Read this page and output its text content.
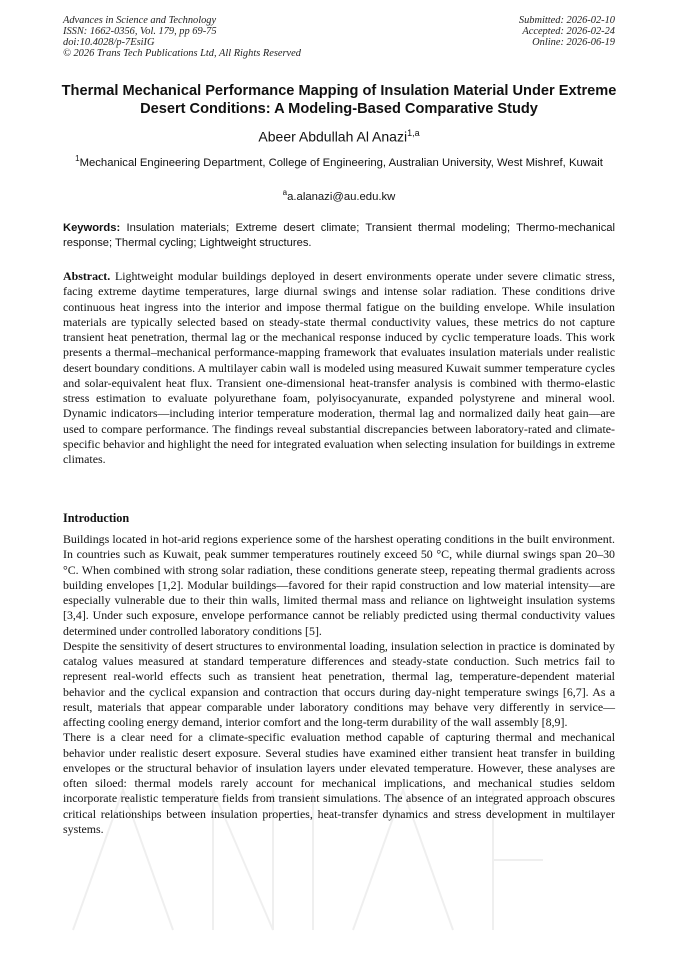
Advances in Science and Technology
ISSN: 1662-0356, Vol. 179, pp 69-75
doi:10.4028/p-7EsiIG
© 2026 Trans Tech Publications Ltd, All Rights Reserved
Submitted: 2026-02-10
Accepted: 2026-02-24
Online: 2026-06-19
Thermal Mechanical Performance Mapping of Insulation Material Under Extreme Desert Conditions: A Modeling-Based Comparative Study
Abeer Abdullah Al Anazi$^{1,a}$
$^1$Mechanical Engineering Department, College of Engineering, Australian University, West Mishref, Kuwait
$^a$a.alanazi@au.edu.kw
Keywords: Insulation materials; Extreme desert climate; Transient thermal modeling; Thermo-mechanical response; Thermal cycling; Lightweight structures.
Abstract. Lightweight modular buildings deployed in desert environments operate under severe climatic stress, facing extreme daytime temperatures, large diurnal swings and intense solar radiation. These conditions drive continuous heat ingress into the interior and impose thermal fatigue on the building envelope. While insulation materials are typically selected based on steady-state thermal conductivity values, these metrics do not capture transient heat penetration, thermal lag or the mechanical response induced by cyclic temperature loads. This work presents a thermal–mechanical performance-mapping framework that evaluates insulation materials under realistic desert boundary conditions. A multilayer cabin wall is modeled using measured Kuwait summer temperature cycles and solar-equivalent heat flux. Transient one-dimensional heat-transfer analysis is combined with thermo-elastic stress estimation to evaluate polyurethane foam, polyisocyanurate, expanded polystyrene and mineral wool. Dynamic indicators—including interior temperature moderation, thermal lag and normalized daily heat gain—are used to compare performance. The findings reveal substantial discrepancies between laboratory-rated and climate-specific behavior and highlight the need for integrated evaluation when selecting insulation for buildings in extreme climates.
Introduction

Buildings located in hot-arid regions experience some of the harshest operating conditions in the built environment. In countries such as Kuwait, peak summer temperatures routinely exceed 50 °C, while diurnal swings span 20–30 °C. When combined with strong solar radiation, these conditions generate steep, repeating thermal gradients across building envelopes [1,2]. Modular buildings—favored for their rapid construction and low material intensity—are especially vulnerable due to their thin walls, limited thermal mass and reliance on lightweight insulation systems [3,4]. Under such exposure, envelope performance cannot be reliably predicted using thermal conductivity values determined under controlled laboratory conditions [5].

Despite the sensitivity of desert structures to environmental loading, insulation selection in practice is dominated by catalog values measured at standard temperature differences and steady-state conduction. Such metrics fail to represent real‑world effects such as transient heat penetration, thermal lag, temperature-dependent material behavior and the cyclical expansion and contraction that occurs during day-night temperature swings [6,7]. As a result, materials that appear comparable under laboratory conditions may behave very differently in service—affecting cooling energy demand, interior comfort and the long-term durability of the wall assembly [8,9].

There is a clear need for a climate-specific evaluation method capable of capturing thermal and mechanical behavior under realistic desert exposure. Several studies have examined either transient heat transfer in building envelopes or the structural behavior of insulation layers under elevated temperature. However, these analyses are often siloed: thermal models rarely account for mechanical implications, and mechanical studies seldom incorporate realistic temperature fields from transient simulations. The absence of an integrated approach obscures critical relationships between insulation properties, heat-transfer dynamics and stress development in multilayer systems.
